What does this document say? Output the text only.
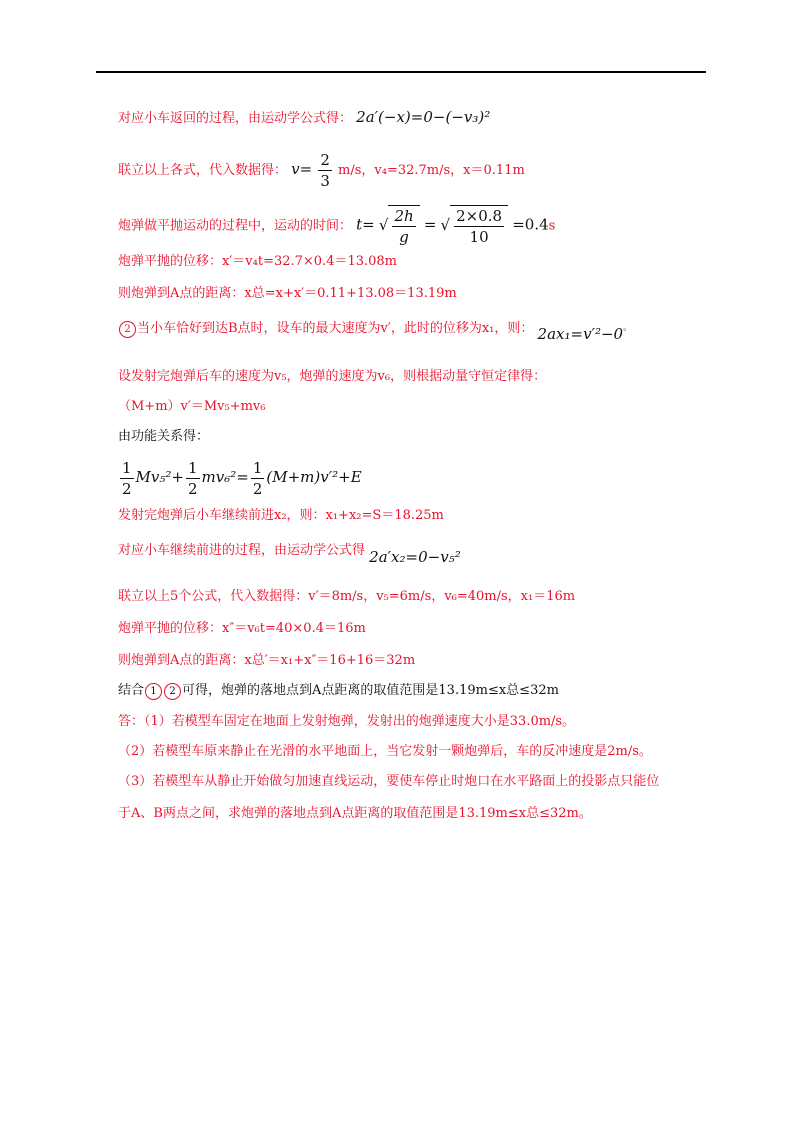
对应小车返回的过程，由运动学公式得： 2a′(−x)=0−(−v₃)²
联立以上各式，代入数据得： $v= \frac{2}{3} m/s$，v₄=32.7m/s，x＝0.11m
炮弹做平抛运动的过程中，运动的时间： t= √ $\frac{2h}{g}$ = √ $\frac{2\times 0.8}{10} =0.4s$
炮弹平抛的位移：x′＝v₄t=32.7×0.4＝13.08m
则炮弹到A点的距离：x总=x+x′＝0.11+13.08＝13.19m
2 当小车恰好到达B点时，设车的最大速度为v′，此时的位移为x₁，则： 2ax₁=v′²−0。
设发射完炮弹后车的速度为v₅，炮弹的速度为v₆，则根据动量守恒定律得：
（M+m）v′＝Mv₅+mv₆
由功能关系得：
$\frac{1}{2} Mv_5^2+ \frac{1}{2} mv_6^2= \frac{1}{2} (M+m)v'^2+E$
发射完炮弹后小车继续前进x₂，则：x₁+x₂=S＝18.25m
对应小车继续前进的过程，由运动学公式得 2a′x₂=0−v₅²
联立以上5个公式，代入数据得：v′＝8m/s，v₅=6m/s，v₆=40m/s，x₁＝16m
炮弹平抛的位移：x″＝v₆t=40×0.4＝16m
则炮弹到A点的距离：x总′＝x₁+x″＝16+16＝32m
结合 1 2 可得，炮弹的落地点到A点距离的取值范围是13.19m≤x总≤32m
答：（1）若模型车固定在地面上发射炮弹，发射出的炮弹速度大小是33.0m/s。
（2）若模型车原来静止在光滑的水平地面上，当它发射一颗炮弹后，车的反冲速度是2m/s。
（3）若模型车从静止开始做匀加速直线运动，要使车停止时炮口在水平路面上的投影点只能位
于A、B两点之间，求炮弹的落地点到A点距离的取值范围是13.19m≤x总≤32m。
